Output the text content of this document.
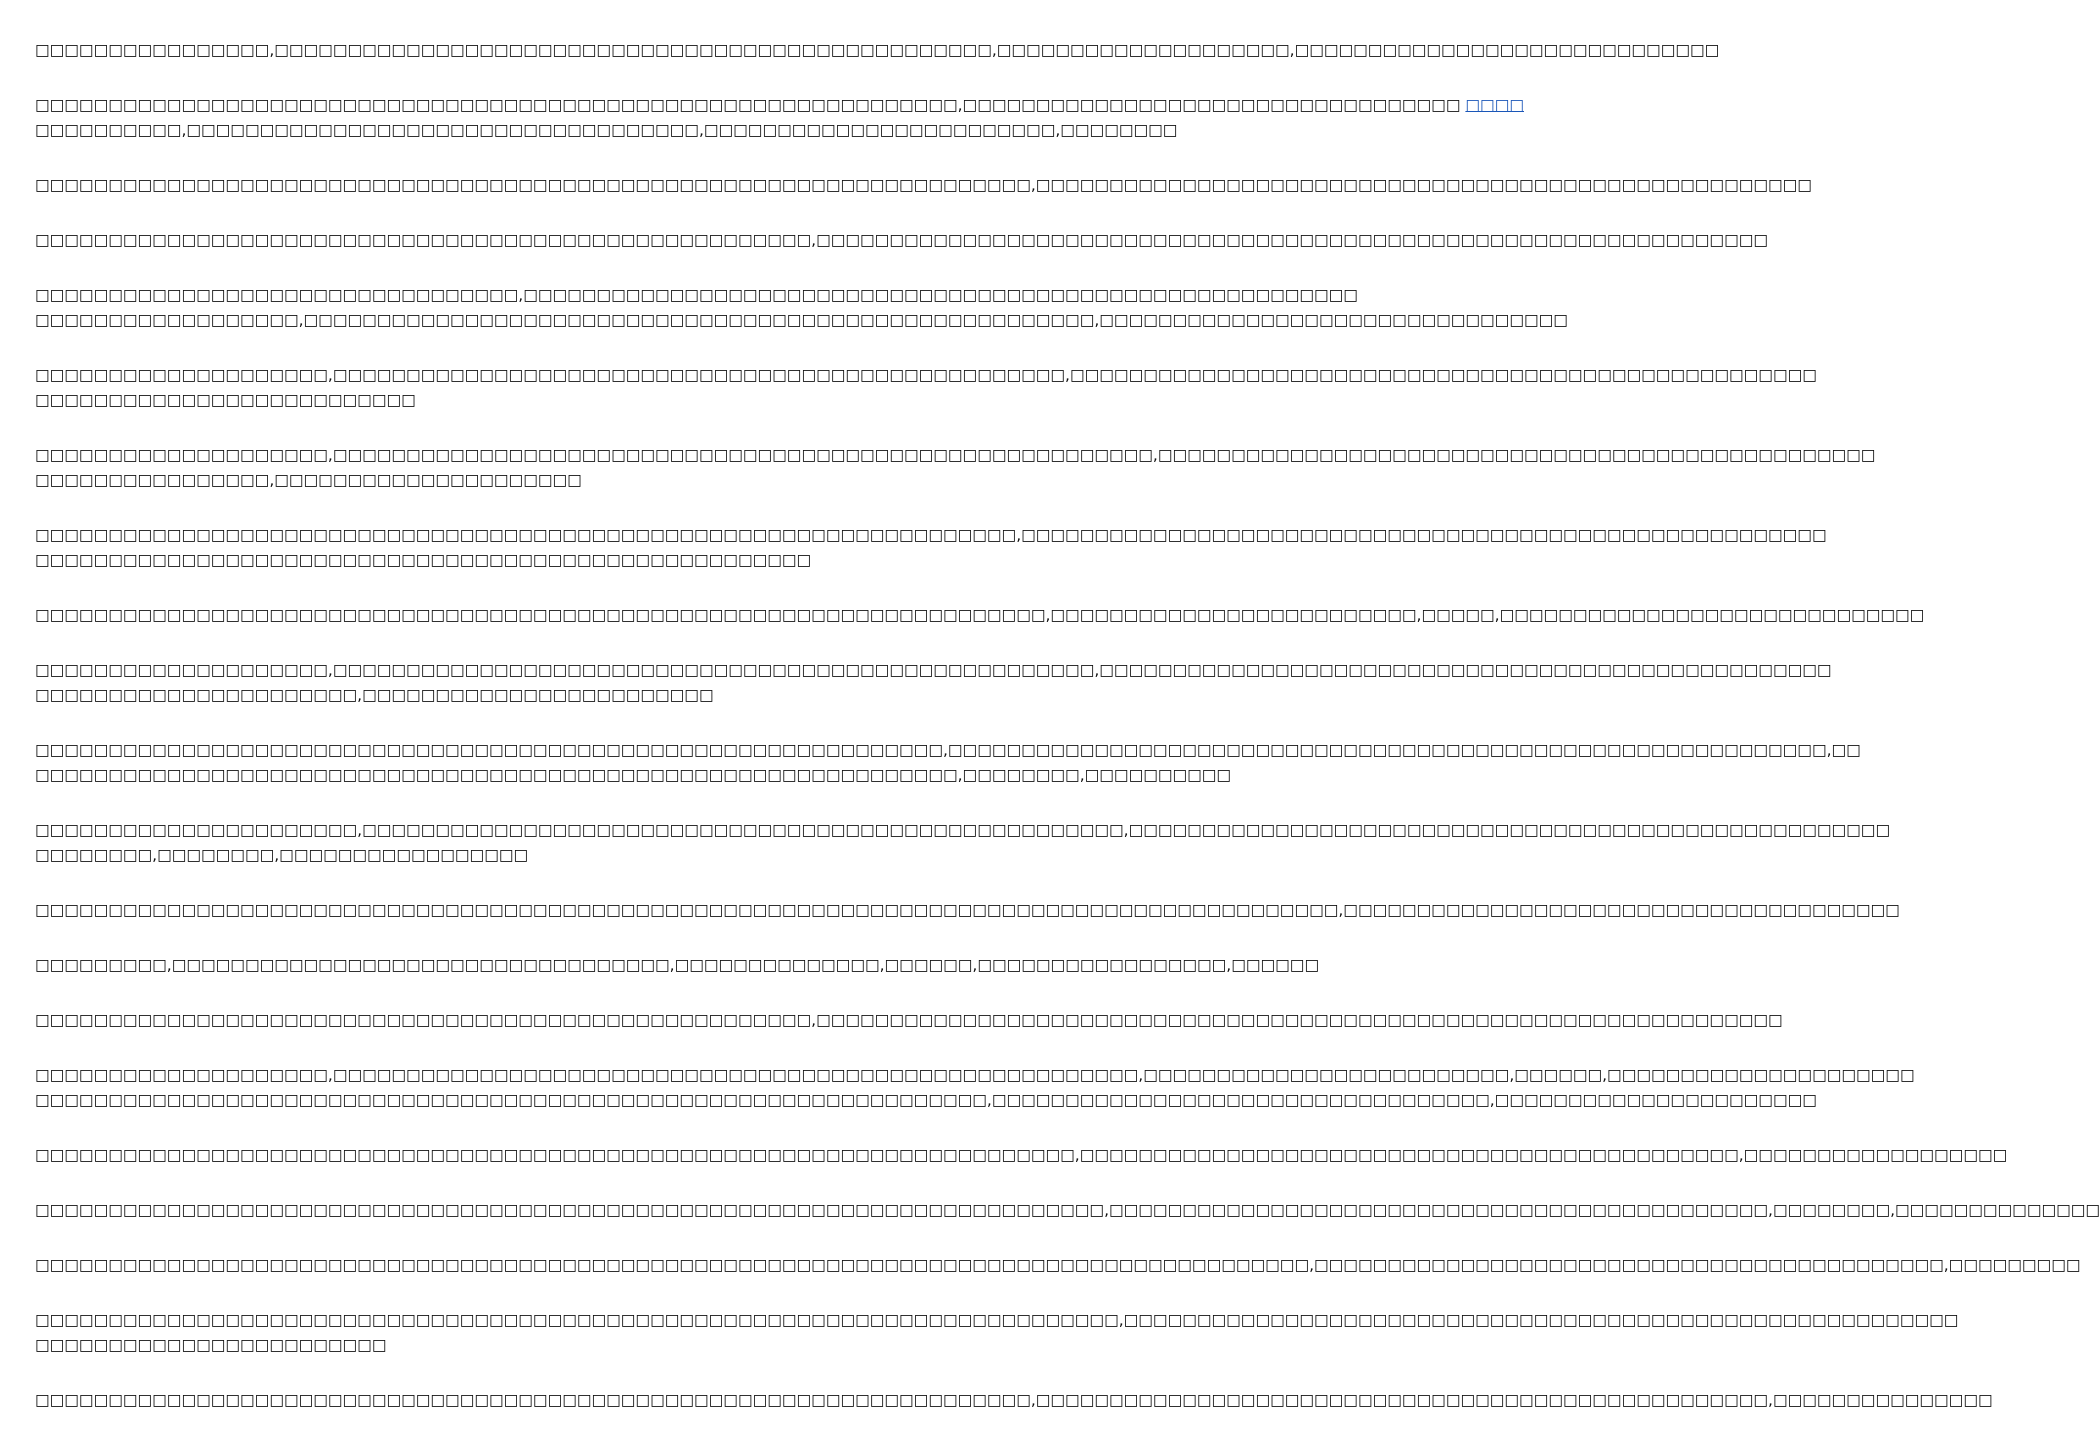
□□□□□□□□□□□□□□□□,□□□□□□□□□□□□□□□□□□□□□□□□□□□□□□□□□□□□□□□□□□□□□□□□□,□□□□□□□□□□□□□□□□□□□□,□□□□□□□□□□□□□□□□□□□□□□□□□□□□□

□□□□□□□□□□□□□□□□□□□□□□□□□□□□□□□□□□□□□□□□□□□□□□□□□□□□□□□□□□□□□□□,□□□□□□□□□□□□□□□□□□□□□□□□□□□□□□□□□□ □□□□
□□□□□□□□□□,□□□□□□□□□□□□□□□□□□□□□□□□□□□□□□□□□□□,□□□□□□□□□□□□□□□□□□□□□□□□,□□□□□□□□

□□□□□□□□□□□□□□□□□□□□□□□□□□□□□□□□□□□□□□□□□□□□□□□□□□□□□□□□□□□□□□□□□□□□,□□□□□□□□□□□□□□□□□□□□□□□□□□□□□□□□□□□□□□□□□□□□□□□□□□□□□

□□□□□□□□□□□□□□□□□□□□□□□□□□□□□□□□□□□□□□□□□□□□□□□□□□□□□,□□□□□□□□□□□□□□□□□□□□□□□□□□□□□□□□□□□□□□□□□□□□□□□□□□□□□□□□□□□□□□□□□

□□□□□□□□□□□□□□□□□□□□□□□□□□□□□□□□□,□□□□□□□□□□□□□□□□□□□□□□□□□□□□□□□□□□□□□□□□□□□□□□□□□□□□□□□□□
□□□□□□□□□□□□□□□□□□,□□□□□□□□□□□□□□□□□□□□□□□□□□□□□□□□□□□□□□□□□□□□□□□□□□□□□□,□□□□□□□□□□□□□□□□□□□□□□□□□□□□□□□□

□□□□□□□□□□□□□□□□□□□□,□□□□□□□□□□□□□□□□□□□□□□□□□□□□□□□□□□□□□□□□□□□□□□□□□□,□□□□□□□□□□□□□□□□□□□□□□□□□□□□□□□□□□□□□□□□□□□□□□□□□□□
□□□□□□□□□□□□□□□□□□□□□□□□□□

□□□□□□□□□□□□□□□□□□□□,□□□□□□□□□□□□□□□□□□□□□□□□□□□□□□□□□□□□□□□□□□□□□□□□□□□□□□□□,□□□□□□□□□□□□□□□□□□□□□□□□□□□□□□□□□□□□□□□□□□□□□□□□□
□□□□□□□□□□□□□□□□,□□□□□□□□□□□□□□□□□□□□□

□□□□□□□□□□□□□□□□□□□□□□□□□□□□□□□□□□□□□□□□□□□□□□□□□□□□□□□□□□□□□□□□□□□,□□□□□□□□□□□□□□□□□□□□□□□□□□□□□□□□□□□□□□□□□□□□□□□□□□□□□□□
□□□□□□□□□□□□□□□□□□□□□□□□□□□□□□□□□□□□□□□□□□□□□□□□□□□□□

□□□□□□□□□□□□□□□□□□□□□□□□□□□□□□□□□□□□□□□□□□□□□□□□□□□□□□□□□□□□□□□□□□□□□,□□□□□□□□□□□□□□□□□□□□□□□□□,□□□□□,□□□□□□□□□□□□□□□□□□□□□□□□□□□□□

□□□□□□□□□□□□□□□□□□□□,□□□□□□□□□□□□□□□□□□□□□□□□□□□□□□□□□□□□□□□□□□□□□□□□□□□□,□□□□□□□□□□□□□□□□□□□□□□□□□□□□□□□□□□□□□□□□□□□□□□□□□□
□□□□□□□□□□□□□□□□□□□□□□,□□□□□□□□□□□□□□□□□□□□□□□□

□□□□□□□□□□□□□□□□□□□□□□□□□□□□□□□□□□□□□□□□□□□□□□□□□□□□□□□□□□□□□□,□□□□□□□□□□□□□□□□□□□□□□□□□□□□□□□□□□□□□□□□□□□□□□□□□□□□□□□□□□□□,□□
□□□□□□□□□□□□□□□□□□□□□□□□□□□□□□□□□□□□□□□□□□□□□□□□□□□□□□□□□□□□□□□,□□□□□□□□,□□□□□□□□□□

□□□□□□□□□□□□□□□□□□□□□□,□□□□□□□□□□□□□□□□□□□□□□□□□□□□□□□□□□□□□□□□□□□□□□□□□□□□,□□□□□□□□□□□□□□□□□□□□□□□□□□□□□□□□□□□□□□□□□□□□□□□□□□□□
□□□□□□□□,□□□□□□□□,□□□□□□□□□□□□□□□□□

□□□□□□□□□□□□□□□□□□□□□□□□□□□□□□□□□□□□□□□□□□□□□□□□□□□□□□□□□□□□□□□□□□□□□□□□□□□□□□□□□□□□□□□□□,□□□□□□□□□□□□□□□□□□□□□□□□□□□□□□□□□□□□□□

□□□□□□□□□,□□□□□□□□□□□□□□□□□□□□□□□□□□□□□□□□□□,□□□□□□□□□□□□□□,□□□□□□,□□□□□□□□□□□□□□□□□,□□□□□□

□□□□□□□□□□□□□□□□□□□□□□□□□□□□□□□□□□□□□□□□□□□□□□□□□□□□□,□□□□□□□□□□□□□□□□□□□□□□□□□□□□□□□□□□□□□□□□□□□□□□□□□□□□□□□□□□□□□□□□□□

□□□□□□□□□□□□□□□□□□□□,□□□□□□□□□□□□□□□□□□□□□□□□□□□□□□□□□□□□□□□□□□□□□□□□□□□□□□□,□□□□□□□□□□□□□□□□□□□□□□□□□,□□□□□□,□□□□□□□□□□□□□□□□□□□□□
□□□□□□□□□□□□□□□□□□□□□□□□□□□□□□□□□□□□□□□□□□□□□□□□□□□□□□□□□□□□□□□□□,□□□□□□□□□□□□□□□□□□□□□□□□□□□□□□□□□□,□□□□□□□□□□□□□□□□□□□□□□

□□□□□□□□□□□□□□□□□□□□□□□□□□□□□□□□□□□□□□□□□□□□□□□□□□□□□□□□□□□□□□□□□□□□□□□,□□□□□□□□□□□□□□□□□□□□□□□□□□□□□□□□□□□□□□□□□□□□□,□□□□□□□□□□□□□□□□□□

□□□□□□□□□□□□□□□□□□□□□□□□□□□□□□□□□□□□□□□□□□□□□□□□□□□□□□□□□□□□□□□□□□□□□□□□□,□□□□□□□□□□□□□□□□□□□□□□□□□□□□□□□□□□□□□□□□□□□□□,□□□□□□□□,□□□□□□□□□□□□□□

□□□□□□□□□□□□□□□□□□□□□□□□□□□□□□□□□□□□□□□□□□□□□□□□□□□□□□□□□□□□□□□□□□□□□□□□□□□□□□□□□□□□□□□,□□□□□□□□□□□□□□□□□□□□□□□□□□□□□□□□□□□□□□□□□□□,□□□□□□□□□

□□□□□□□□□□□□□□□□□□□□□□□□□□□□□□□□□□□□□□□□□□□□□□□□□□□□□□□□□□□□□□□□□□□□□□□□□□,□□□□□□□□□□□□□□□□□□□□□□□□□□□□□□□□□□□□□□□□□□□□□□□□□□□□□□□□□
□□□□□□□□□□□□□□□□□□□□□□□□

□□□□□□□□□□□□□□□□□□□□□□□□□□□□□□□□□□□□□□□□□□□□□□□□□□□□□□□□□□□□□□□□□□□□,□□□□□□□□□□□□□□□□□□□□□□□□□□□□□□□□□□□□□□□□□□□□□□□□□□,□□□□□□□□□□□□□□□
